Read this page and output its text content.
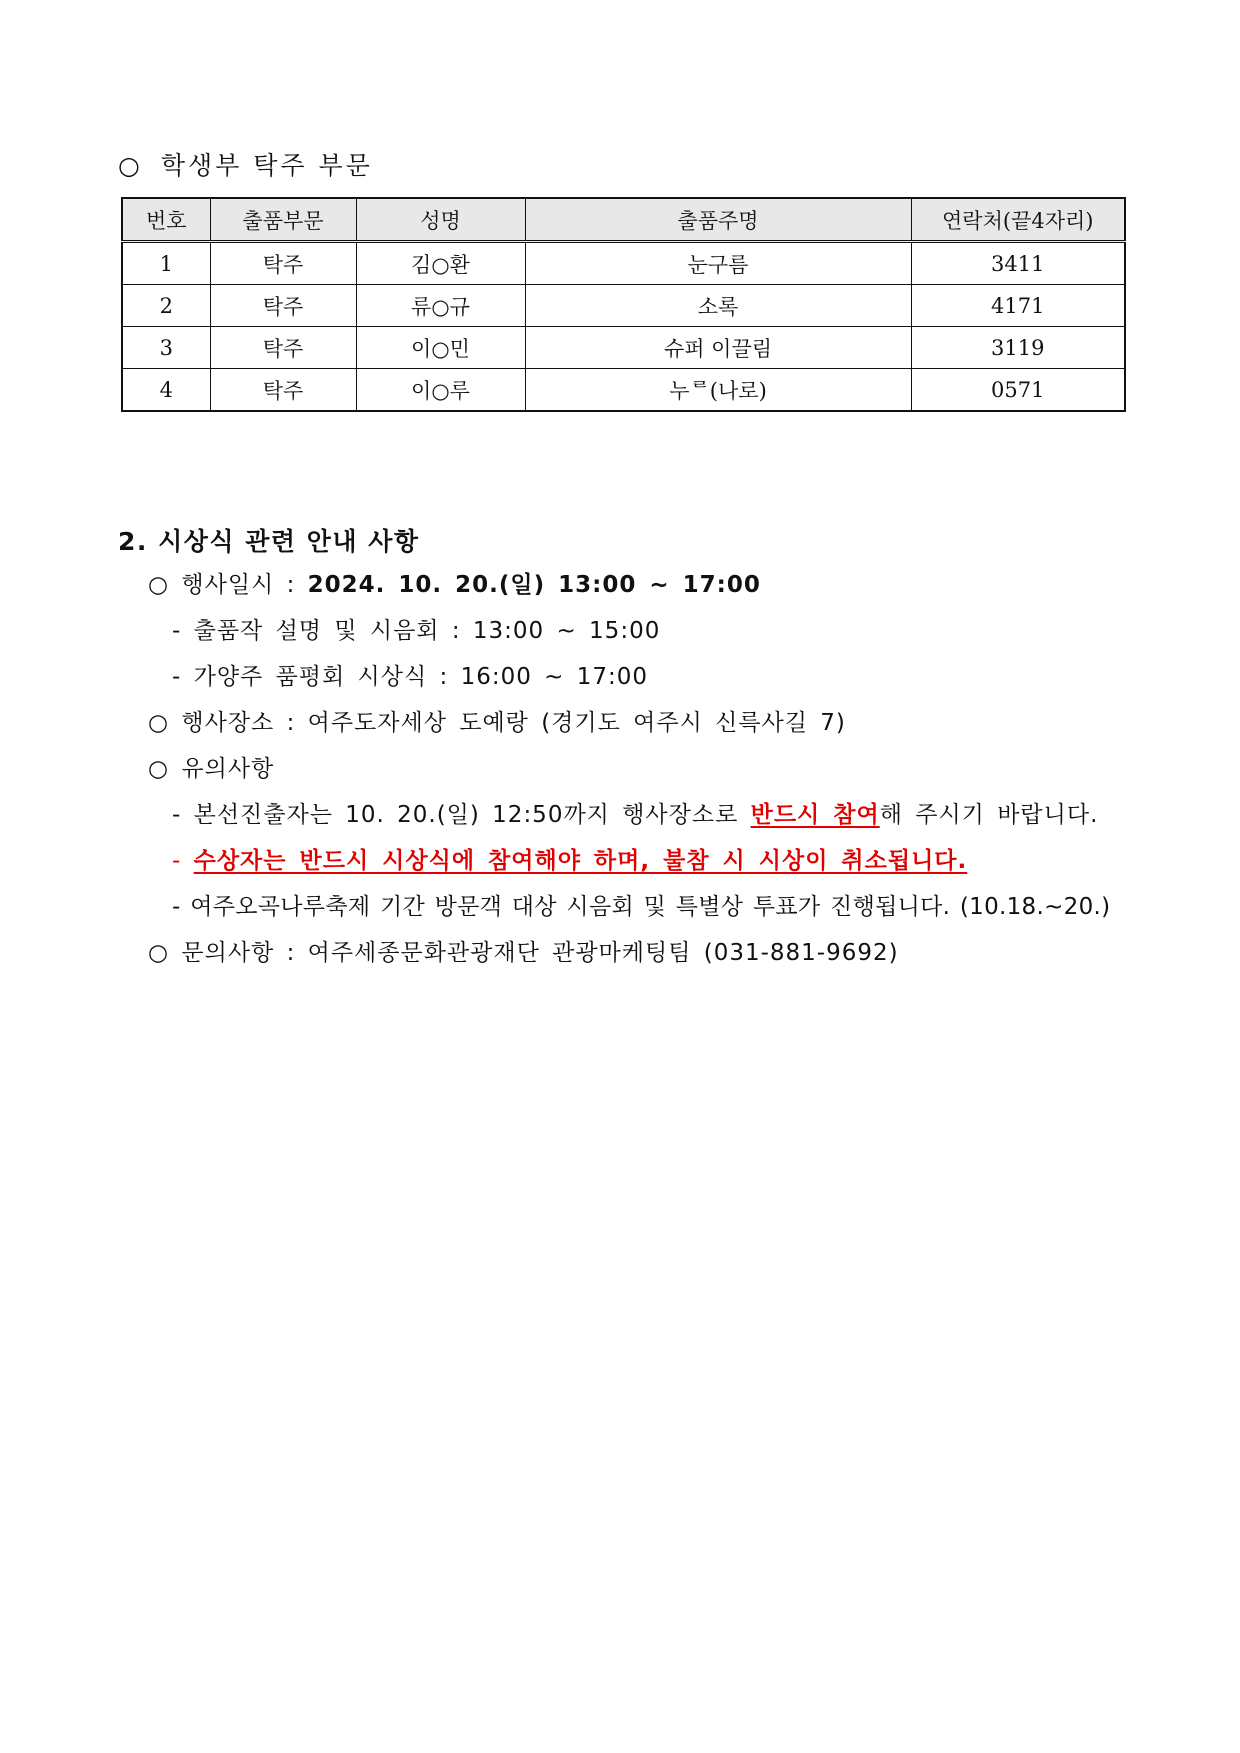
○ 학생부 탁주 부문
번호	출품부문	성명	출품주명	연락처(끝4자리)
1	탁주	김○환	눈구름	3411
2	탁주	류○규	소록	4171
3	탁주	이○민	슈퍼 이끌림	3119
4	탁주	이○루	누ᄅ(나로)	0571
2. 시상식 관련 안내 사항
○ 행사일시 : 2024. 10. 20.(일) 13:00 ~ 17:00
- 출품작 설명 및 시음회 : 13:00 ~ 15:00
- 가양주 품평회 시상식 : 16:00 ~ 17:00
○ 행사장소 : 여주도자세상 도예랑 (경기도 여주시 신륵사길 7)
○ 유의사항
- 본선진출자는 10. 20.(일) 12:50까지 행사장소로 반드시 참여해 주시기 바랍니다.
- 수상자는 반드시 시상식에 참여해야 하며, 불참 시 시상이 취소됩니다.
- 여주오곡나루축제 기간 방문객 대상 시음회 및 특별상 투표가 진행됩니다. (10.18.~20.)
○ 문의사항 : 여주세종문화관광재단 관광마케팅팀 (031-881-9692)
